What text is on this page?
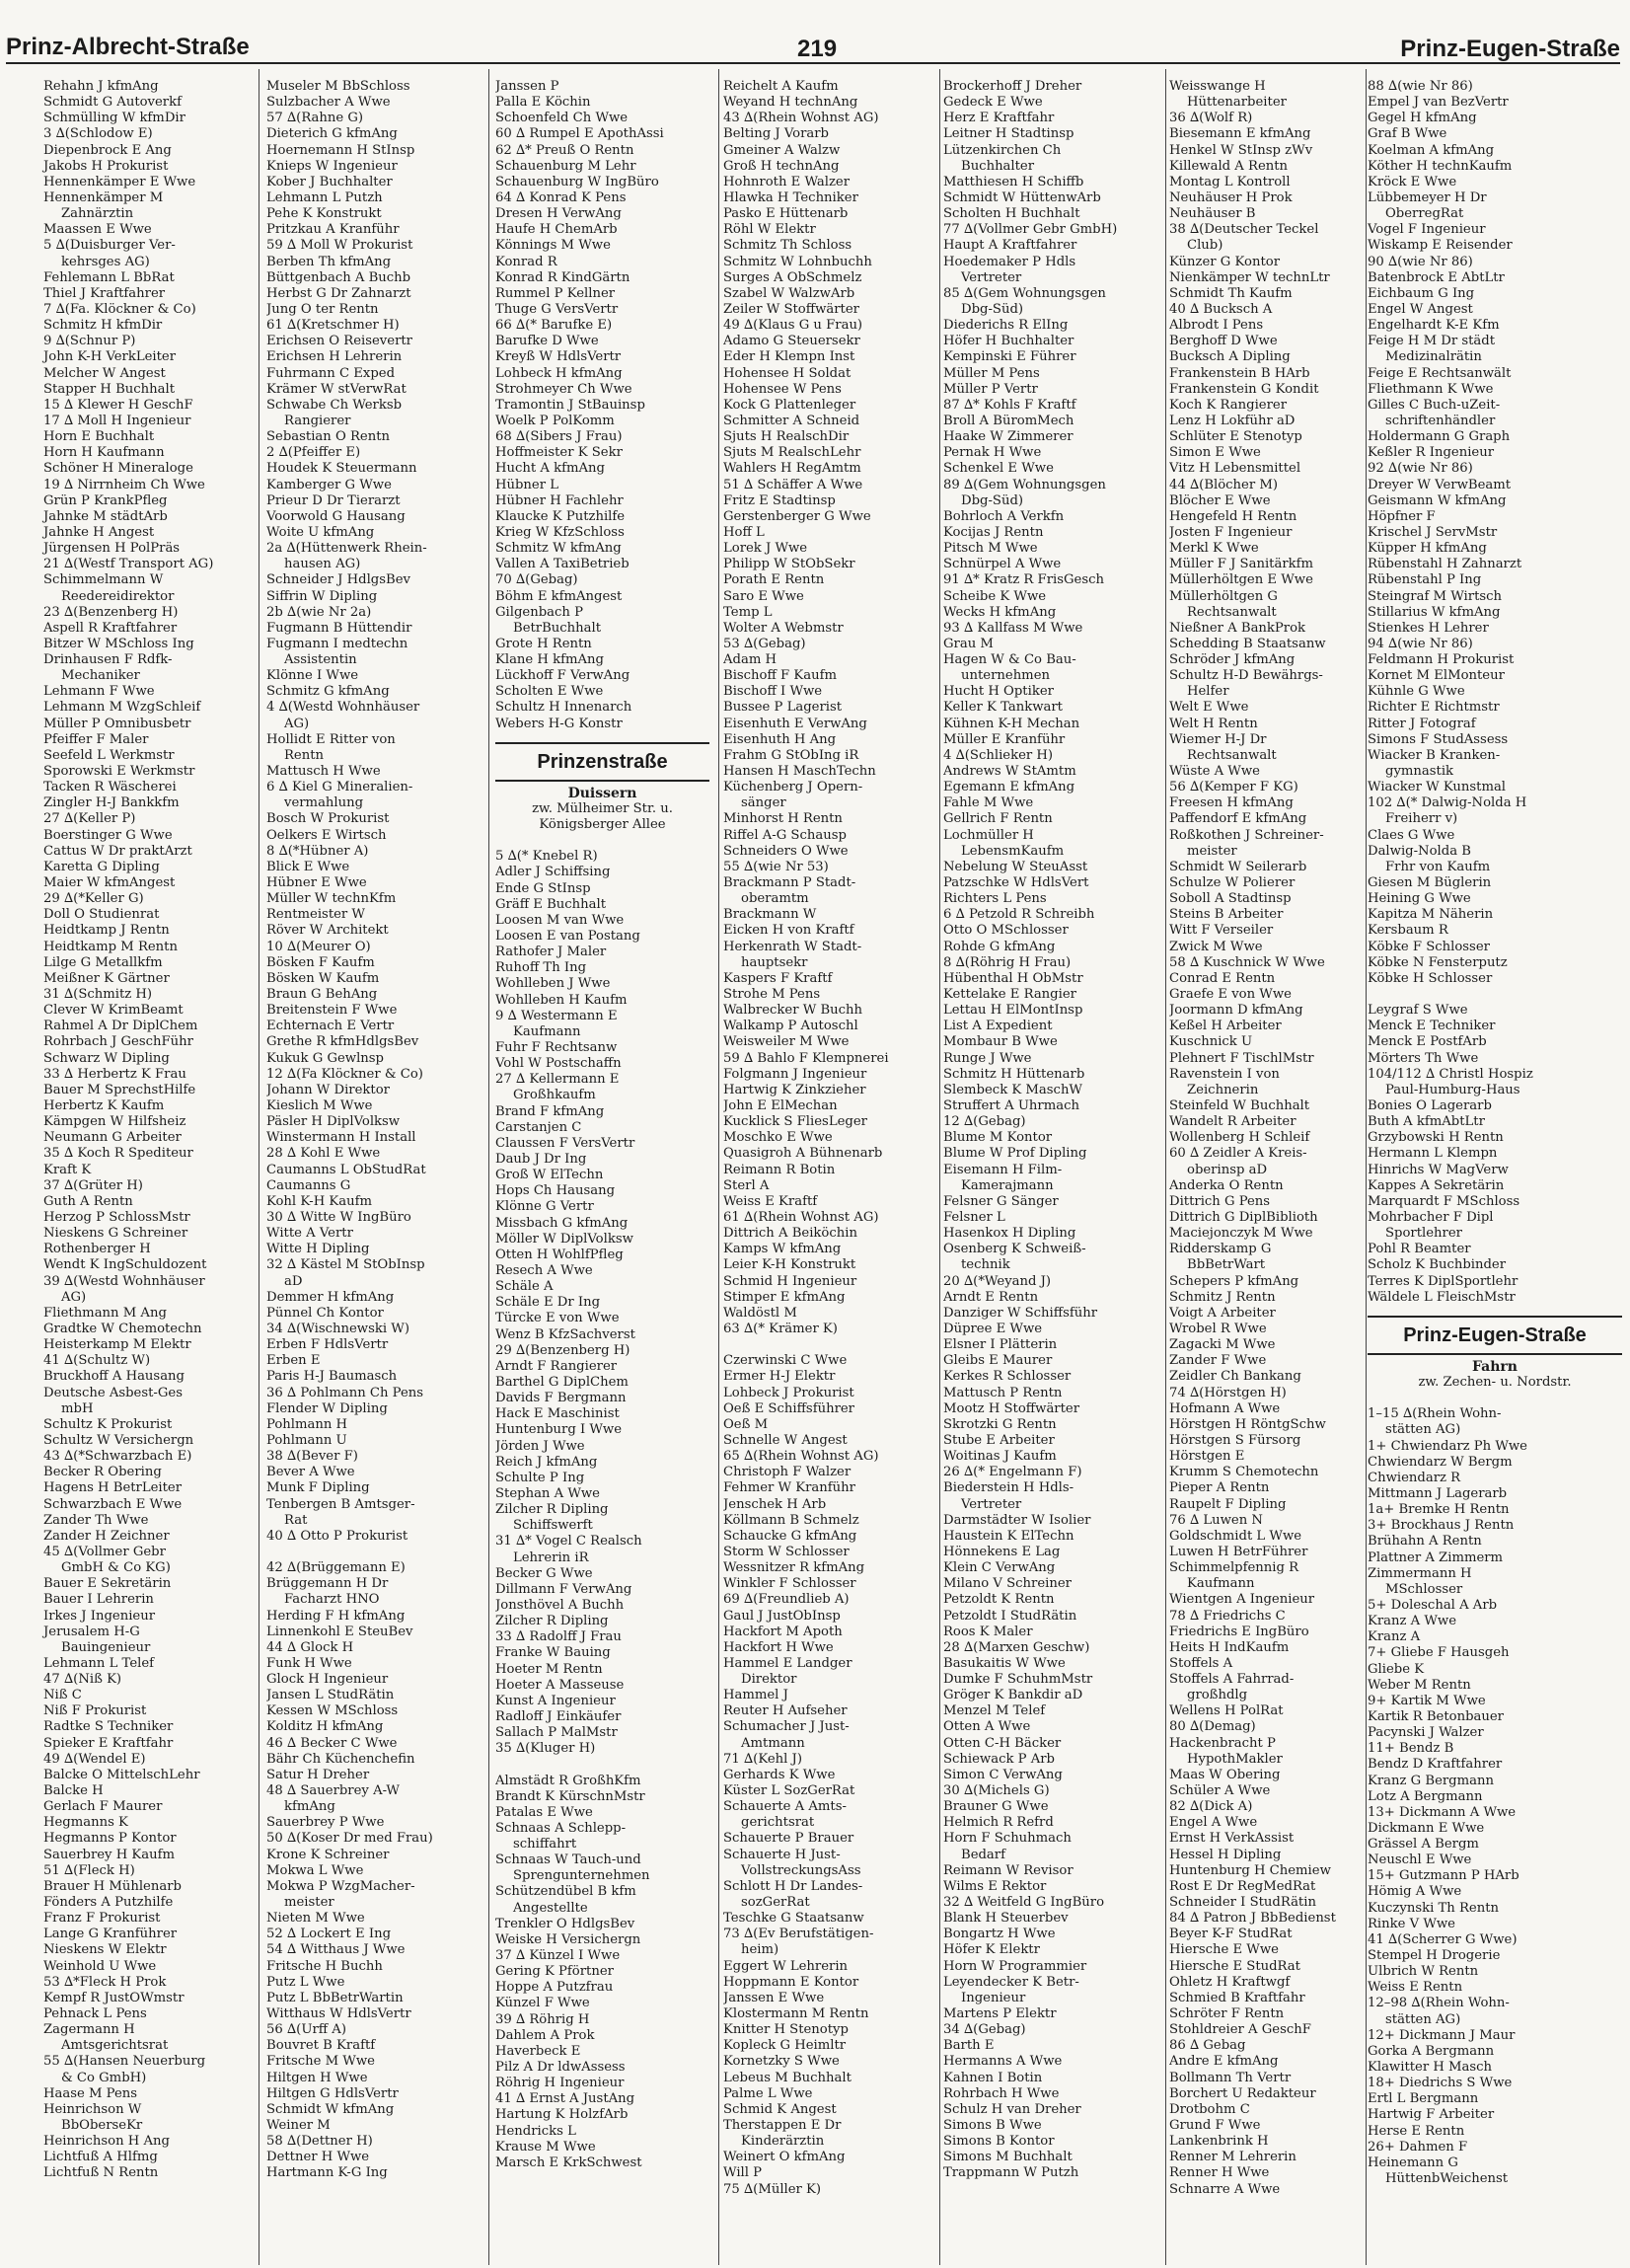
Prinz-Albrecht-Straße	219	Prinz-Eugen-Straße
Rehahn J kfmAng
Schmidt G Autoverkf
Schmülling W kfmDir
3 ∆(Schlodow E)
Diepenbrock E Ang
Jakobs H Prokurist
Hennenkämper E Wwe
Hennenkämper M
Zahnärztin
Maassen E Wwe
5 ∆(Duisburger Ver-
kehrsges AG)
Fehlemann L BbRat
Thiel J Kraftfahrer
7 ∆(Fa. Klöckner & Co)
Schmitz H kfmDir
9 ∆(Schnur P)
John K-H VerkLeiter
Melcher W Angest
Stapper H Buchhalt
15 ∆ Klewer H GeschF
17 ∆ Moll H Ingenieur
Horn E Buchhalt
Horn H Kaufmann
Schöner H Mineraloge
19 ∆ Nirrnheim Ch Wwe
Grün P KrankPfleg
Jahnke M städtArb
Jahnke H Angest
Jürgensen H PolPräs
21 ∆(Westf Transport AG)
Schimmelmann W
Reedereidirektor
23 ∆(Benzenberg H)
Aspell R Kraftfahrer
Bitzer W MSchloss Ing
Drinhausen F Rdfk-
Mechaniker
Lehmann F Wwe
Lehmann M WzgSchleif
Müller P Omnibusbetr
Pfeiffer F Maler
Seefeld L Werkmstr
Sporowski E Werkmstr
Tacken R Wäscherei
Zingler H-J Bankkfm
27 ∆(Keller P)
Boerstinger G Wwe
Cattus W Dr praktArzt
Karetta G Dipling
Maier W kfmAngest
29 ∆(*Keller G)
Doll O Studienrat
Heidtkamp J Rentn
Heidtkamp M Rentn
Lilge G Metallkfm
Meißner K Gärtner
31 ∆(Schmitz H)
Clever W KrimBeamt
Rahmel A Dr DiplChem
Rohrbach J GeschFühr
Schwarz W Dipling
33 ∆ Herbertz K Frau
Bauer M SprechstHilfe
Herbertz K Kaufm
Kämpgen W Hilfsheiz
Neumann G Arbeiter
35 ∆ Koch R Spediteur
Kraft K
37 ∆(Grüter H)
Guth A Rentn
Herzog P SchlossMstr
Nieskens G Schreiner
Rothenberger H
Wendt K IngSchuldozent
39 ∆(Westd Wohnhäuser
AG)
Fliethmann M Ang
Gradtke W Chemotechn
Heisterkamp M Elektr
41 ∆(Schultz W)
Bruckhoff A Hausang
Deutsche Asbest-Ges
mbH
Schultz K Prokurist
Schultz W Versichergn
43 ∆(*Schwarzbach E)
Becker R Obering
Hagens H BetrLeiter
Schwarzbach E Wwe
Zander Th Wwe
Zander H Zeichner
45 ∆(Vollmer Gebr
GmbH & Co KG)
Bauer E Sekretärin
Bauer I Lehrerin
Irkes J Ingenieur
Jerusalem H-G
Bauingenieur
Lehmann L Telef
47 ∆(Niß K)
Niß C
Niß F Prokurist
Radtke S Techniker
Spieker E Kraftfahr
49 ∆(Wendel E)
Balcke O MittelschLehr
Balcke H
Gerlach F Maurer
Hegmanns K
Hegmanns P Kontor
Sauerbrey H Kaufm
51 ∆(Fleck H)
Brauer H Mühlenarb
Fönders A Putzhilfe
Franz F Prokurist
Lange G Kranführer
Nieskens W Elektr
Weinhold U Wwe
53 ∆*Fleck H Prok
Kempf R JustOWmstr
Pehnack L Pens
Zagermann H
Amtsgerichtsrat
55 ∆(Hansen Neuerburg
& Co GmbH)
Haase M Pens
Heinrichson W
BbOberseKr
Heinrichson H Ang
Lichtfuß A Hlfmg
Lichtfuß N Rentn
Museler M BbSchloss
Sulzbacher A Wwe
57 ∆(Rahne G)
Dieterich G kfmAng
Hoernemann H StInsp
Knieps W Ingenieur
Kober J Buchhalter
Lehmann L Putzh
Pehe K Konstrukt
Pritzkau A Kranführ
59 ∆ Moll W Prokurist
Berben Th kfmAng
Büttgenbach A Buchb
Herbst G Dr Zahnarzt
Jung O ter Rentn
61 ∆(Kretschmer H)
Erichsen O Reisevertr
Erichsen H Lehrerin
Fuhrmann C Exped
Krämer W stVerwRat
Schwabe Ch Werksb
Rangierer
Sebastian O Rentn
2 ∆(Pfeiffer E)
Houdek K Steuermann
Kamberger G Wwe
Prieur D Dr Tierarzt
Voorwold G Hausang
Woite U kfmAng
2a ∆(Hüttenwerk Rhein-
hausen AG)
Schneider J HdlgsBev
Siffrin W Dipling
2b ∆(wie Nr 2a)
Fugmann B Hüttendir
Fugmann I medtechn
Assistentin
Klönne I Wwe
Schmitz G kfmAng
4 ∆(Westd Wohnhäuser
AG)
Hollidt E Ritter von
Rentn
Mattusch H Wwe
6 ∆ Kiel G Mineralien-
vermahlung
Bosch W Prokurist
Oelkers E Wirtsch
8 ∆(*Hübner A)
Blick E Wwe
Hübner E Wwe
Müller W technKfm
Rentmeister W
Röver W Architekt
10 ∆(Meurer O)
Bösken F Kaufm
Bösken W Kaufm
Braun G BehAng
Breitenstein F Wwe
Echternach E Vertr
Grethe R kfmHdlgsBev
Kukuk G Gewlnsp
12 ∆(Fa Klöckner & Co)
Johann W Direktor
Kieslich M Wwe
Päsler H DiplVolksw
Winstermann H Install
28 ∆ Kohl E Wwe
Caumanns L ObStudRat
Caumanns G
Kohl K-H Kaufm
30 ∆ Witte W IngBüro
Witte A Vertr
Witte H Dipling
32 ∆ Kästel M StObInsp
aD
Demmer H kfmAng
Pünnel Ch Kontor
34 ∆(Wischnewski W)
Erben F HdlsVertr
Erben E
Paris H-J Baumasch
36 ∆ Pohlmann Ch Pens
Flender W Dipling
Pohlmann H
Pohlmann U
38 ∆(Bever F)
Bever A Wwe
Munk F Dipling
Tenbergen B Amtsger-
Rat
40 ∆ Otto P Prokurist
42 ∆(Brüggemann E)
Brüggemann H Dr
Facharzt HNO
Herding F H kfmAng
Linnenkohl E SteuBev
44 ∆ Glock H
Funk H Wwe
Glock H Ingenieur
Jansen L StudRätin
Kessen W MSchloss
Kolditz H kfmAng
46 ∆ Becker C Wwe
Bähr Ch Küchenchefin
Satur H Dreher
48 ∆ Sauerbrey A-W
kfmAng
Sauerbrey P Wwe
50 ∆(Koser Dr med Frau)
Krone K Schreiner
Mokwa L Wwe
Mokwa P WzgMacher-
meister
Nieten M Wwe
52 ∆ Lockert E Ing
54 ∆ Witthaus J Wwe
Fritsche H Buchh
Putz L Wwe
Putz L BbBetrWartin
Witthaus W HdlsVertr
56 ∆(Urff A)
Bouvret B Kraftf
Fritsche M Wwe
Hiltgen H Wwe
Hiltgen G HdlsVertr
Schmidt W kfmAng
Weiner M
58 ∆(Dettner H)
Dettner H Wwe
Hartmann K-G Ing
Janssen P
Palla E Köchin
Schoenfeld Ch Wwe
60 ∆ Rumpel E ApothAssi
62 ∆* Preuß O Rentn
Schauenburg M Lehr
Schauenburg W IngBüro
64 ∆ Konrad K Pens
Dresen H VerwAng
Haufe H ChemArb
Könnings M Wwe
Konrad R
Konrad R KindGärtn
Rummel P Kellner
Thuge G VersVertr
66 ∆(* Barufke E)
Barufke D Wwe
Kreyß W HdlsVertr
Lohbeck H kfmAng
Strohmeyer Ch Wwe
Tramontin J StBauinsp
Woelk P PolKomm
68 ∆(Sibers J Frau)
Hoffmeister K Sekr
Hucht A kfmAng
Hübner L
Hübner H Fachlehr
Klaucke K Putzhilfe
Krieg W KfzSchloss
Schmitz W kfmAng
Vallen A TaxiBetrieb
70 ∆(Gebag)
Böhm E kfmAngest
Gilgenbach P
BetrBuchhalt
Grote H Rentn
Klane H kfmAng
Lückhoff F VerwAng
Scholten E Wwe
Schultz H Innenarch
Webers H-G Konstr
Prinzenstraße
Duissern
zw. Mülheimer Str. u.
Königsberger Allee
5 ∆(* Knebel R)
Adler J Schiffsing
Ende G StInsp
Gräff E Buchhalt
Loosen M van Wwe
Loosen E van Postang
Rathofer J Maler
Ruhoff Th Ing
Wohlleben J Wwe
Wohlleben H Kaufm
9 ∆ Westermann E
Kaufmann
Fuhr F Rechtsanw
Vohl W Postschaffn
27 ∆ Kellermann E
Großhkaufm
Brand F kfmAng
Carstanjen C
Claussen F VersVertr
Daub J Dr Ing
Groß W ElTechn
Hops Ch Hausang
Klönne G Vertr
Missbach G kfmAng
Möller W DiplVolksw
Otten H WohlfPfleg
Resech A Wwe
Schäle A
Schäle E Dr Ing
Türcke E von Wwe
Wenz B KfzSachverst
29 ∆(Benzenberg H)
Arndt F Rangierer
Barthel G DiplChem
Davids F Bergmann
Hack E Maschinist
Huntenburg I Wwe
Jörden J Wwe
Reich J kfmAng
Schulte P Ing
Stephan A Wwe
Zilcher R Dipling
Schiffswerft
31 ∆* Vogel C Realsch
Lehrerin iR
Becker G Wwe
Dillmann F VerwAng
Jonsthövel A Buchh
Zilcher R Dipling
33 ∆ Radolff J Frau
Franke W Bauing
Hoeter M Rentn
Hoeter A Masseuse
Kunst A Ingenieur
Radloff J Einkäufer
Sallach P MalMstr
35 ∆(Kluger H)
Almstädt R GroßhKfm
Brandt K KürschnMstr
Patalas E Wwe
Schnaas A Schlepp-
schiffahrt
Schnaas W Tauch-und
Sprengunternehmen
Schützendübel B kfm
Angestellte
Trenkler O HdlgsBev
Weiske H Versichergn
37 ∆ Künzel I Wwe
Gering K Pförtner
Hoppe A Putzfrau
Künzel F Wwe
39 ∆ Röhrig H
Dahlem A Prok
Haverbeck E
Pilz A Dr ldwAssess
Röhrig H Ingenieur
41 ∆ Ernst A JustAng
Hartung K HolzfArb
Hendricks L
Krause M Wwe
Marsch E KrkSchwest
Reichelt A Kaufm
Weyand H technAng
43 ∆(Rhein Wohnst AG)
Belting J Vorarb
Gmeiner A Walzw
Groß H technAng
Hohnroth E Walzer
Hlawka H Techniker
Pasko E Hüttenarb
Röhl W Elektr
Schmitz Th Schloss
Schmitz W Lohnbuchh
Surges A ObSchmelz
Szabel W WalzwArb
Zeiler W Stoffwärter
49 ∆(Klaus G u Frau)
Adamo G Steuersekr
Eder H Klempn Inst
Hohensee H Soldat
Hohensee W Pens
Kock G Plattenleger
Schmitter A Schneid
Sjuts H RealschDir
Sjuts M RealschLehr
Wahlers H RegAmtm
51 ∆ Schäffer A Wwe
Fritz E Stadtinsp
Gerstenberger G Wwe
Hoff L
Lorek J Wwe
Philipp W StObSekr
Porath E Rentn
Saro E Wwe
Temp L
Wolter A Webmstr
53 ∆(Gebag)
Adam H
Bischoff F Kaufm
Bischoff I Wwe
Bussee P Lagerist
Eisenhuth E VerwAng
Eisenhuth H Ang
Frahm G StObIng iR
Hansen H MaschTechn
Küchenberg J Opern-
sänger
Minhorst H Rentn
Riffel A-G Schausp
Schneiders O Wwe
55 ∆(wie Nr 53)
Brackmann P Stadt-
oberamtm
Brackmann W
Eicken H von Kraftf
Herkenrath W Stadt-
hauptsekr
Kaspers F Kraftf
Strohe M Pens
Walbrecker W Buchh
Walkamp P Autoschl
Weisweiler M Wwe
59 ∆ Bahlo F Klempnerei
Folgmann J Ingenieur
Hartwig K Zinkzieher
John E ElMechan
Kucklick S FliesLeger
Moschko E Wwe
Quasigroh A Bühnenarb
Reimann R Botin
Sterl A
Weiss E Kraftf
61 ∆(Rhein Wohnst AG)
Dittrich A Beiköchin
Kamps W kfmAng
Leier K-H Konstrukt
Schmid H Ingenieur
Stimper E kfmAng
Waldöstl M
63 ∆(* Krämer K)
Czerwinski C Wwe
Ermer H-J Elektr
Lohbeck J Prokurist
Oeß E Schiffsführer
Oeß M
Schnelle W Angest
65 ∆(Rhein Wohnst AG)
Christoph F Walzer
Fehmer W Kranführ
Jenschek H Arb
Köllmann B Schmelz
Schaucke G kfmAng
Storm W Schlosser
Wessnitzer R kfmAng
Winkler F Schlosser
69 ∆(Freundlieb A)
Gaul J JustObInsp
Hackfort M Apoth
Hackfort H Wwe
Hammel E Landger
Direktor
Hammel J
Reuter H Aufseher
Schumacher J Just-
Amtmann
71 ∆(Kehl J)
Gerhards K Wwe
Küster L SozGerRat
Schauerte A Amts-
gerichtsrat
Schauerte P Brauer
Schauerte H Just-
VollstreckungsAss
Schlott H Dr Landes-
sozGerRat
Teschke G Staatsanw
73 ∆(Ev Berufstätigen-
heim)
Eggert W Lehrerin
Hoppmann E Kontor
Janssen E Wwe
Klostermann M Rentn
Knitter H Stenotyp
Kopleck G Heimltr
Kornetzky S Wwe
Lebeus M Buchhalt
Palme L Wwe
Schmid K Angest
Therstappen E Dr
Kinderärztin
Weinert O kfmAng
Will P
75 ∆(Müller K)
Brockerhoff J Dreher
Gedeck E Wwe
Herz E Kraftfahr
Leitner H Stadtinsp
Lützenkirchen Ch
Buchhalter
Matthiesen H Schiffb
Schmidt W HüttenwArb
Scholten H Buchhalt
77 ∆(Vollmer Gebr GmbH)
Haupt A Kraftfahrer
Hoedemaker P Hdls
Vertreter
85 ∆(Gem Wohnungsgen
Dbg-Süd)
Diederichs R ElIng
Höfer H Buchhalter
Kempinski E Führer
Müller M Pens
Müller P Vertr
87 ∆* Kohls F Kraftf
Broll A BüromMech
Haake W Zimmerer
Pernak H Wwe
Schenkel E Wwe
89 ∆(Gem Wohnungsgen
Dbg-Süd)
Bohrloch A Verkfn
Kocijas J Rentn
Pitsch M Wwe
Schnürpel A Wwe
91 ∆* Kratz R FrisGesch
Scheibe K Wwe
Wecks H kfmAng
93 ∆ Kallfass M Wwe
Grau M
Hagen W & Co Bau-
unternehmen
Hucht H Optiker
Keller K Tankwart
Kühnen K-H Mechan
Müller E Kranführ
4 ∆(Schlieker H)
Andrews W StAmtm
Egemann E kfmAng
Fahle M Wwe
Gellrich F Rentn
Lochmüller H
LebensmKaufm
Nebelung W SteuAsst
Patzschke W HdlsVert
Richters L Pens
6 ∆ Petzold R Schreibh
Otto O MSchlosser
Rohde G kfmAng
8 ∆(Röhrig H Frau)
Hübenthal H ObMstr
Kettelake E Rangier
Lettau H ElMontInsp
List A Expedient
Mombaur B Wwe
Runge J Wwe
Schmitz H Hüttenarb
Slembeck K MaschW
Struffert A Uhrmach
12 ∆(Gebag)
Blume M Kontor
Blume W Prof Dipling
Eisemann H Film-
Kamerajmann
Felsner G Sänger
Felsner L
Hasenkox H Dipling
Osenberg K Schweiß-
technik
20 ∆(*Weyand J)
Arndt E Rentn
Danziger W Schiffsführ
Düpree E Wwe
Elsner I Plätterin
Gleibs E Maurer
Kerkes R Schlosser
Mattusch P Rentn
Mootz H Stoffwärter
Skrotzki G Rentn
Stube E Arbeiter
Woitinas J Kaufm
26 ∆(* Engelmann F)
Biederstein H Hdls-
Vertreter
Darmstädter W Isolier
Haustein K ElTechn
Hönnekens E Lag
Klein C VerwAng
Milano V Schreiner
Petzoldt K Rentn
Petzoldt I StudRätin
Roos K Maler
28 ∆(Marxen Geschw)
Basukaitis W Wwe
Dumke F SchuhmMstr
Gröger K Bankdir aD
Menzel M Telef
Otten A Wwe
Otten C-H Bäcker
Schiewack P Arb
Simon C VerwAng
30 ∆(Michels G)
Brauner G Wwe
Helmich R Refrd
Horn F Schuhmach
Bedarf
Reimann W Revisor
Wilms E Rektor
32 ∆ Weitfeld G IngBüro
Blank H Steuerbev
Bongartz H Wwe
Höfer K Elektr
Horn W Programmier
Leyendecker K Betr-
Ingenieur
Martens P Elektr
34 ∆(Gebag)
Barth E
Hermanns A Wwe
Kahnen I Botin
Rohrbach H Wwe
Schulz H van Dreher
Simons B Wwe
Simons B Kontor
Simons M Buchhalt
Trappmann W Putzh
Weisswange H
Hüttenarbeiter
36 ∆(Wolf R)
Biesemann E kfmAng
Henkel W StInsp zWv
Killewald A Rentn
Montag L Kontroll
Neuhäuser H Prok
Neuhäuser B
38 ∆(Deutscher Teckel
Club)
Künzer G Kontor
Nienkämper W technLtr
Schmidt Th Kaufm
40 ∆ Bucksch A
Albrodt I Pens
Berghoff D Wwe
Bucksch A Dipling
Frankenstein B HArb
Frankenstein G Kondit
Koch K Rangierer
Lenz H Lokführ aD
Schlüter E Stenotyp
Simon E Wwe
Vitz H Lebensmittel
44 ∆(Blöcher M)
Blöcher E Wwe
Hengefeld H Rentn
Josten F Ingenieur
Merkl K Wwe
Müller F J Sanitärkfm
Müllerhöltgen E Wwe
Müllerhöltgen G
Rechtsanwalt
Nießner A BankProk
Schedding B Staatsanw
Schröder J kfmAng
Schultz H-D Bewährgs-
Helfer
Welt E Wwe
Welt H Rentn
Wiemer H-J Dr
Rechtsanwalt
Wüste A Wwe
56 ∆(Kemper F KG)
Freesen H kfmAng
Paffendorf E kfmAng
Roßkothen J Schreiner-
meister
Schmidt W Seilerarb
Schulze W Polierer
Soboll A Stadtinsp
Steins B Arbeiter
Witt F Verseiler
Zwick M Wwe
58 ∆ Kuschnick W Wwe
Conrad E Rentn
Graefe E von Wwe
Joormann D kfmAng
Keßel H Arbeiter
Kuschnick U
Plehnert F TischlMstr
Ravenstein I von
Zeichnerin
Steinfeld W Buchhalt
Wandelt R Arbeiter
Wollenberg H Schleif
60 ∆ Zeidler A Kreis-
oberinsp aD
Anderka O Rentn
Dittrich G Pens
Dittrich G DiplBiblioth
Maciejonczyk M Wwe
Ridderskamp G
BbBetrWart
Schepers P kfmAng
Schmitz J Rentn
Voigt A Arbeiter
Wrobel R Wwe
Zagacki M Wwe
Zander F Wwe
Zeidler Ch Bankang
74 ∆(Hörstgen H)
Hofmann A Wwe
Hörstgen H RöntgSchw
Hörstgen S Fürsorg
Hörstgen E
Krumm S Chemotechn
Pieper A Rentn
Raupelt F Dipling
76 ∆ Luwen N
Goldschmidt L Wwe
Luwen H BetrFührer
Schimmelpfennig R
Kaufmann
Wientgen A Ingenieur
78 ∆ Friedrichs C
Friedrichs E IngBüro
Heits H IndKaufm
Stoffels A
Stoffels A Fahrrad-
großhdlg
Wellens H PolRat
80 ∆(Demag)
Hackenbracht P
HypothMakler
Maas W Obering
Schüler A Wwe
82 ∆(Dick A)
Engel A Wwe
Ernst H VerkAssist
Hessel H Dipling
Huntenburg H Chemiew
Rost E Dr RegMedRat
Schneider I StudRätin
84 ∆ Patron J BbBedienst
Beyer K-F StudRat
Hiersche E Wwe
Hiersche E StudRat
Ohletz H Kraftwgf
Schmied B Kraftfahr
Schröter F Rentn
Stohldreier A GeschF
86 ∆ Gebag
Andre E kfmAng
Bollmann Th Vertr
Borchert U Redakteur
Drotbohm C
Grund F Wwe
Lankenbrink H
Renner M Lehrerin
Renner H Wwe
Schnarre A Wwe
88 ∆(wie Nr 86)
Empel J van BezVertr
Gegel H kfmAng
Graf B Wwe
Koelman A kfmAng
Köther H technKaufm
Kröck E Wwe
Lübbemeyer H Dr
OberregRat
Vogel F Ingenieur
Wiskamp E Reisender
90 ∆(wie Nr 86)
Batenbrock E AbtLtr
Eichbaum G Ing
Engel W Angest
Engelhardt K-E Kfm
Feige H M Dr städt
Medizinalrätin
Feige E Rechtsanwält
Fliethmann K Wwe
Gilles C Buch-uZeit-
schriftenhändler
Holdermann G Graph
Keßler R Ingenieur
92 ∆(wie Nr 86)
Dreyer W VerwBeamt
Geismann W kfmAng
Höpfner F
Krischel J ServMstr
Küpper H kfmAng
Rübenstahl H Zahnarzt
Rübenstahl P Ing
Steingraf M Wirtsch
Stillarius W kfmAng
Stienkes H Lehrer
94 ∆(wie Nr 86)
Feldmann H Prokurist
Kornet M ElMonteur
Kühnle G Wwe
Richter E Richtmstr
Ritter J Fotograf
Simons F StudAssess
Wiacker B Kranken-
gymnastik
Wiacker W Kunstmal
102 ∆(* Dalwig-Nolda H
Freiherr v)
Claes G Wwe
Dalwig-Nolda B
Frhr von Kaufm
Giesen M Büglerin
Heining G Wwe
Kapitza M Näherin
Kersbaum R
Köbke F Schlosser
Köbke N Fensterputz
Köbke H Schlosser
Leygraf S Wwe
Menck E Techniker
Menck E PostfArb
Mörters Th Wwe
104/112 ∆ Christl Hospiz
Paul-Humburg-Haus
Bonies O Lagerarb
Buth A kfmAbtLtr
Grzybowski H Rentn
Hermann L Klempn
Hinrichs W MagVerw
Kappes A Sekretärin
Marquardt F MSchloss
Mohrbacher F Dipl
Sportlehrer
Pohl R Beamter
Scholz K Buchbinder
Terres K DiplSportlehr
Wäldele L FleischMstr
Prinz-Eugen-Straße
Fahrn
zw. Zechen- u. Nordstr.
1–15 ∆(Rhein Wohn-
stätten AG)
1+ Chwiendarz Ph Wwe
Chwiendarz W Bergm
Chwiendarz R
Mittmann J Lagerarb
1a+ Bremke H Rentn
3+ Brockhaus J Rentn
Brühahn A Rentn
Plattner A Zimmerm
Zimmermann H
MSchlosser
5+ Doleschal A Arb
Kranz A Wwe
Kranz A
7+ Gliebe F Hausgeh
Gliebe K
Weber M Rentn
9+ Kartik M Wwe
Kartik R Betonbauer
Pacynski J Walzer
11+ Bendz B
Bendz D Kraftfahrer
Kranz G Bergmann
Lotz A Bergmann
13+ Dickmann A Wwe
Dickmann E Wwe
Grässel A Bergm
Neuschl E Wwe
15+ Gutzmann P HArb
Hömig A Wwe
Kuczynski Th Rentn
Rinke V Wwe
41 ∆(Scherrer G Wwe)
Stempel H Drogerie
Ulbrich W Rentn
Weiss E Rentn
12–98 ∆(Rhein Wohn-
stätten AG)
12+ Dickmann J Maur
Gorka A Bergmann
Klawitter H Masch
18+ Diedrichs S Wwe
Ertl L Bergmann
Hartwig F Arbeiter
Herse E Rentn
26+ Dahmen F
Heinemann G
HüttenbWeichenst
